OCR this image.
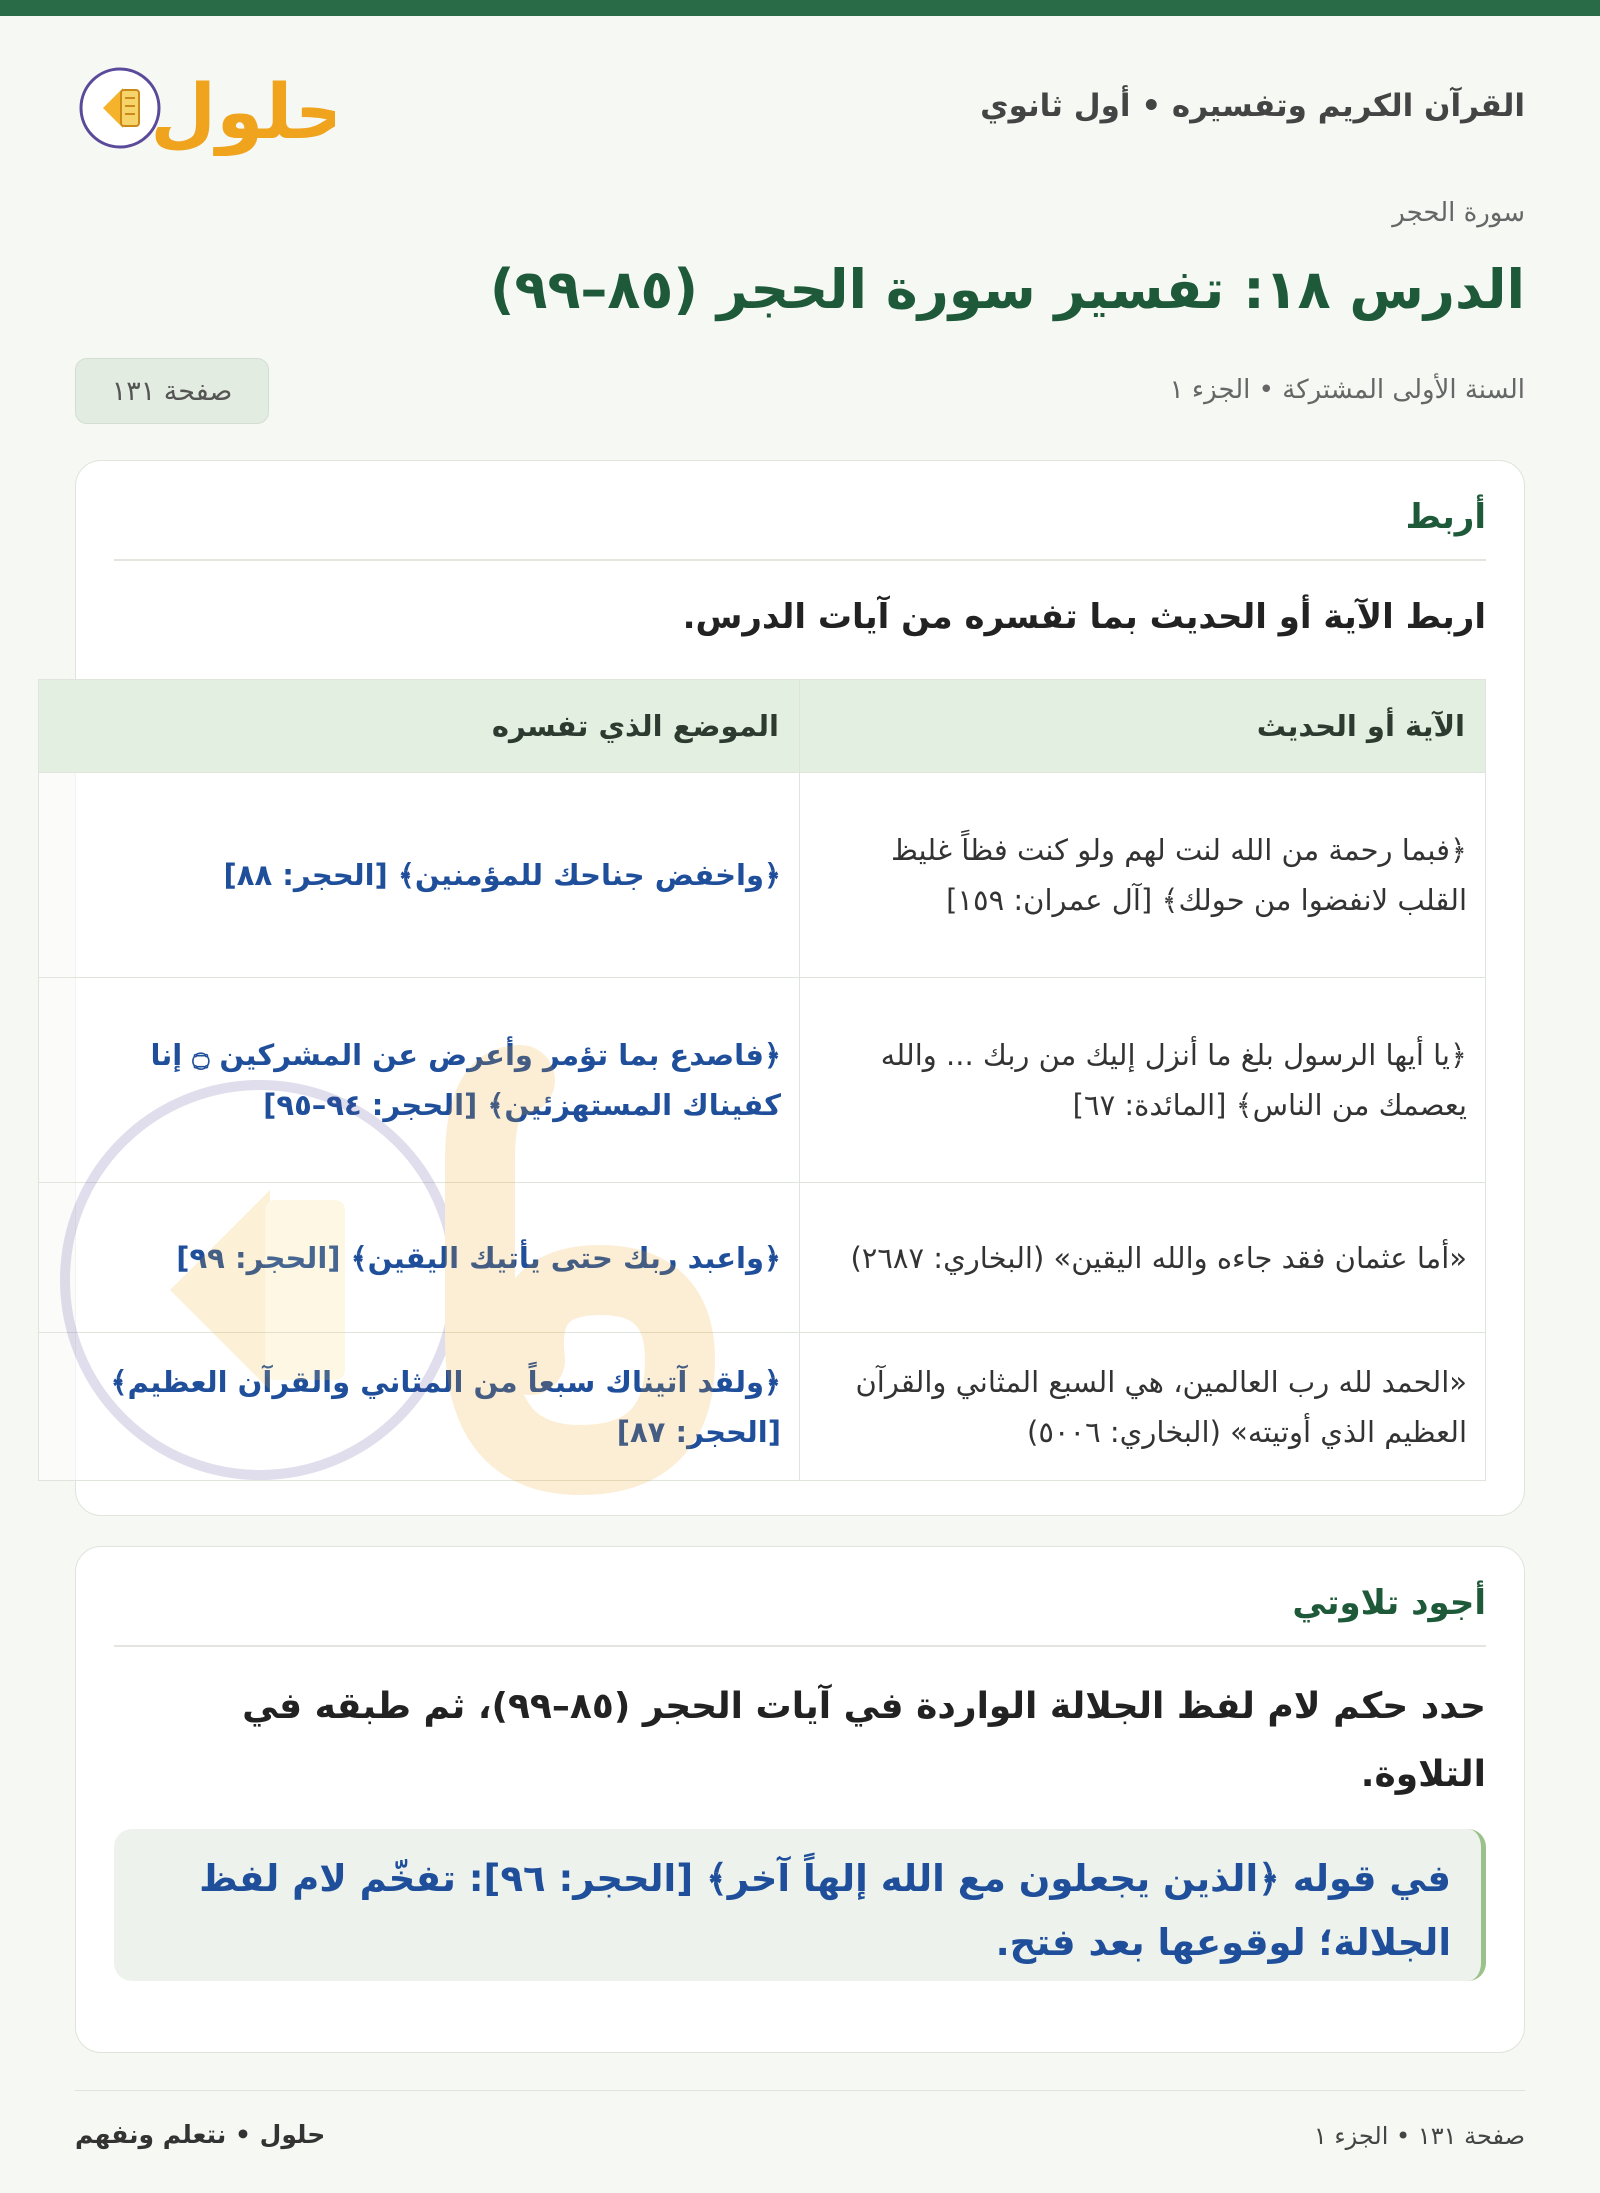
القرآن الكريم وتفسيره • أول ثانوي
حلول
سورة الحجر
الدرس ١٨: تفسير سورة الحجر (٨٥–٩٩)
السنة الأولى المشتركة • الجزء ١
صفحة ١٣١
أربط
اربط الآية أو الحديث بما تفسره من آيات الدرس.
الآية أو الحديث	الموضع الذي تفسره
﴿فبما رحمة من الله لنت لهم ولو كنت فظاً غليظ القلب لانفضوا من حولك﴾ [آل عمران: ١٥٩]	﴿واخفض جناحك للمؤمنين﴾ [الحجر: ٨٨]
﴿يا أيها الرسول بلغ ما أنزل إليك من ربك ... والله يعصمك من الناس﴾ [المائدة: ٦٧]	﴿فاصدع بما تؤمر وأعرض عن المشركين ۝ إنا كفيناك المستهزئين﴾ [الحجر: ٩٤–٩٥]
«أما عثمان فقد جاءه والله اليقين» (البخاري: ٢٦٨٧)	﴿واعبد ربك حتى يأتيك اليقين﴾ [الحجر: ٩٩]
«الحمد لله رب العالمين، هي السبع المثاني والقرآن العظيم الذي أوتيته» (البخاري: ٥٠٠٦)	﴿ولقد آتيناك سبعاً من المثاني والقرآن العظيم﴾ [الحجر: ٨٧]
أجود تلاوتي
حدد حكم لام لفظ الجلالة الواردة في آيات الحجر (٨٥–٩٩)، ثم طبقه في التلاوة.
في قوله ﴿الذين يجعلون مع الله إلهاً آخر﴾ [الحجر: ٩٦]: تفخّم لام لفظ الجلالة؛ لوقوعها بعد فتح.
صفحة ١٣١ • الجزء ١
حلول • نتعلم ونفهم
